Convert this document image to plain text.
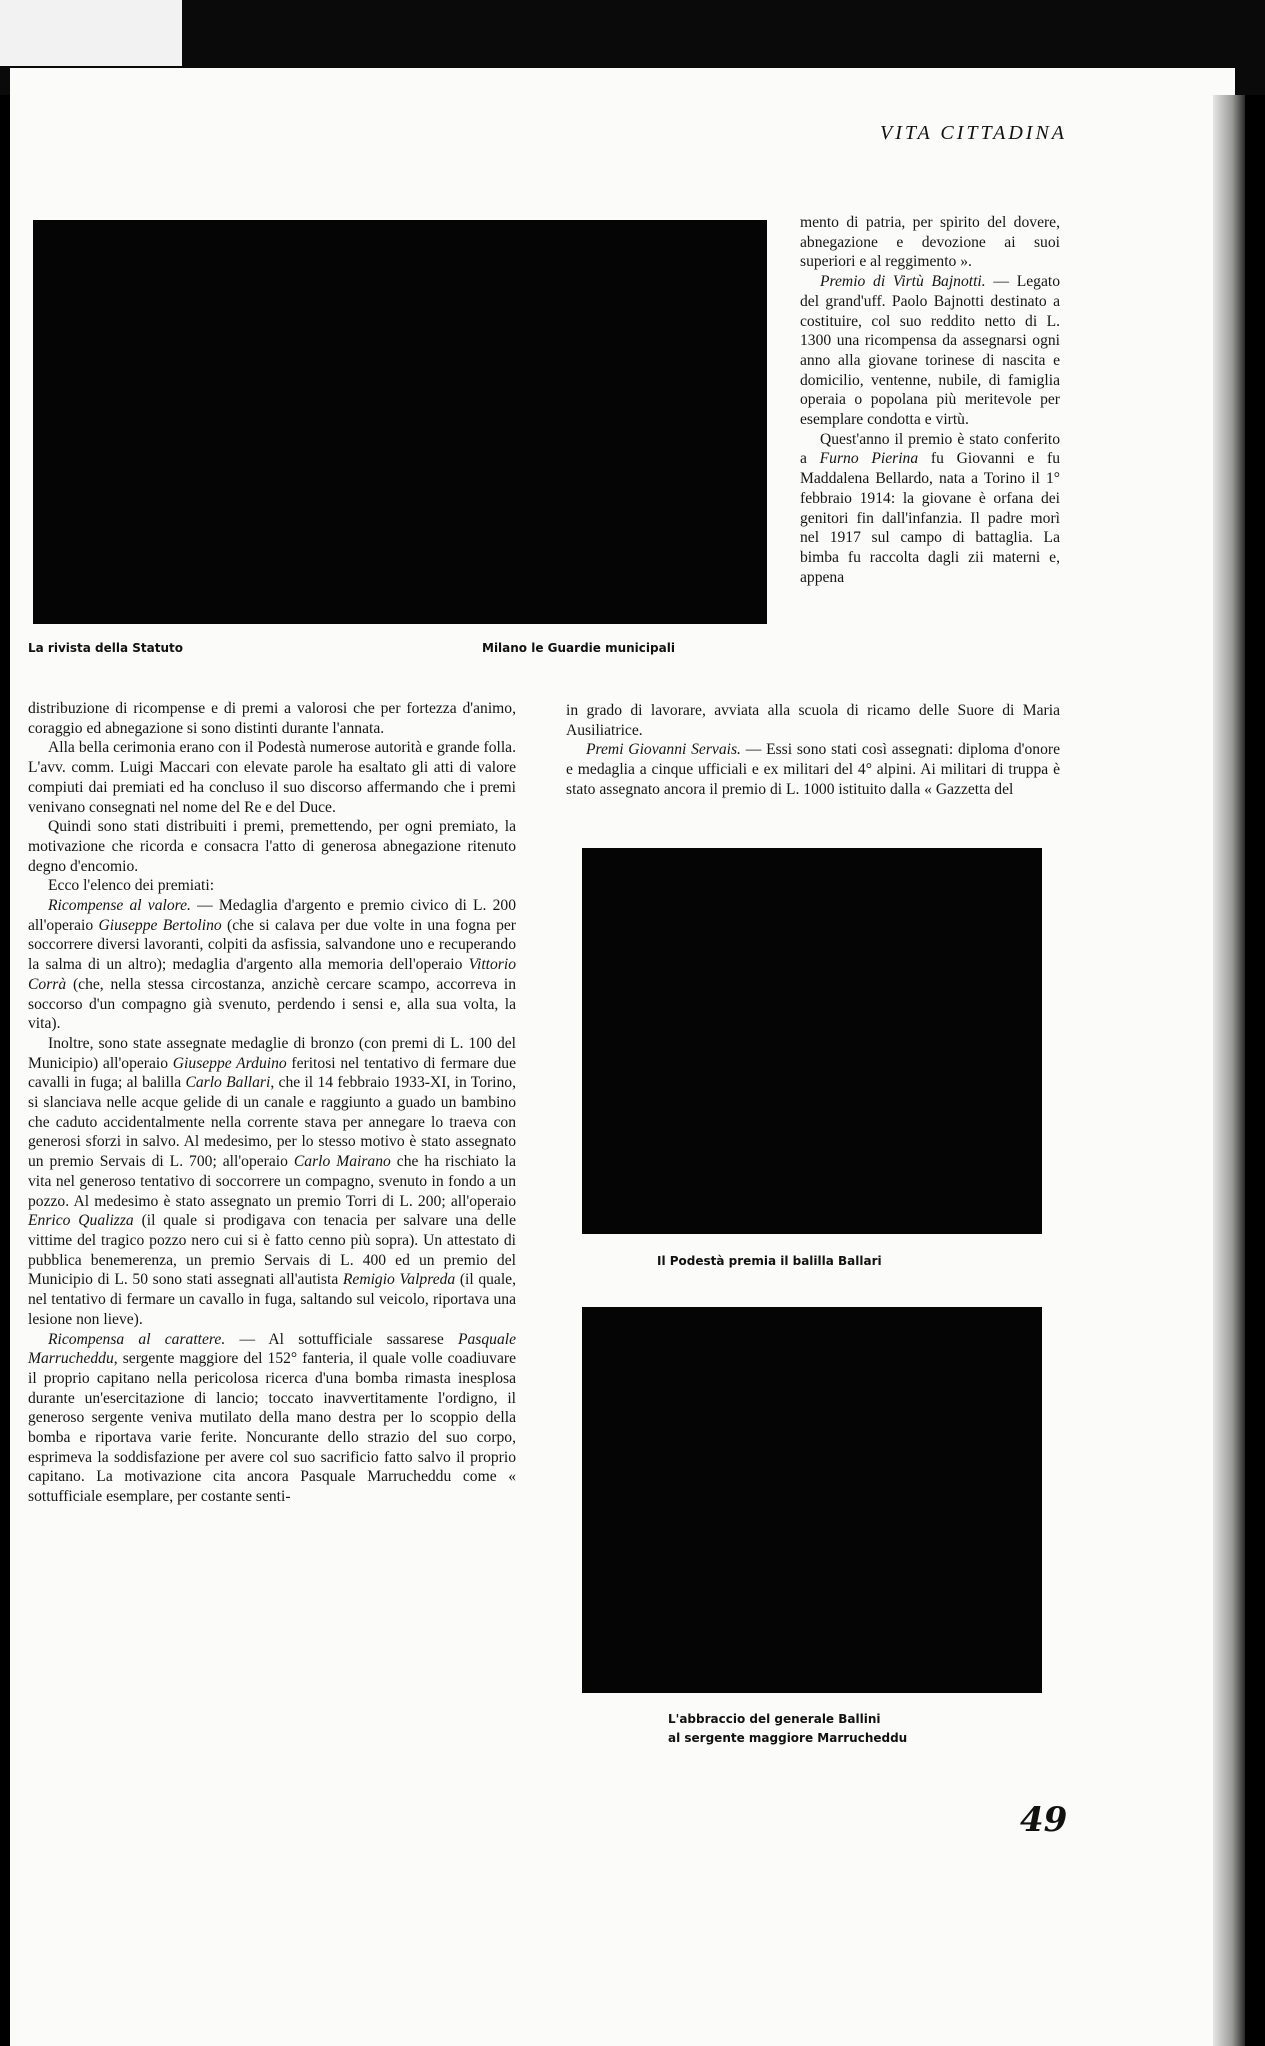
VITA CITTADINA
La rivista della Statuto	Milano le Guardie municipali

mento di patria, per spirito del dovere, abnegazione e devozione ai suoi superiori e al reggimento ».

Premio di Virtù Bajnotti. — Legato del grand'uff. Paolo Bajnotti destinato a costituire, col suo reddito netto di L. 1300 una ricompensa da assegnarsi ogni anno alla giovane torinese di nascita e domicilio, ventenne, nubile, di famiglia operaia o popolana più meritevole per esemplare condotta e virtù.

Quest'anno il premio è stato conferito a Furno Pierina fu Giovanni e fu Maddalena Bellardo, nata a Torino il 1° febbraio 1914: la giovane è orfana dei genitori fin dall'infanzia. Il padre morì nel 1917 sul campo di battaglia. La bimba fu raccolta dagli zii materni e, appena

in grado di lavorare, avviata alla scuola di ricamo delle Suore di Maria Ausiliatrice.

Premi Giovanni Servais. — Essi sono stati così assegnati: diploma d'onore e medaglia a cinque ufficiali e ex militari del 4° alpini. Ai militari di truppa è stato assegnato ancora il premio di L. 1000 istituito dalla « Gazzetta del

distribuzione di ricompense e di premi a valorosi che per fortezza d'animo, coraggio ed abnegazione si sono distinti durante l'annata.

Alla bella cerimonia erano con il Podestà numerose autorità e grande folla. L'avv. comm. Luigi Maccari con elevate parole ha esaltato gli atti di valore compiuti dai premiati ed ha concluso il suo discorso affermando che i premi venivano consegnati nel nome del Re e del Duce.

Quindi sono stati distribuiti i premi, premettendo, per ogni premiato, la motivazione che ricorda e consacra l'atto di generosa abnegazione ritenuto degno d'encomio.

Ecco l'elenco dei premiati:

Ricompense al valore. — Medaglia d'argento e premio civico di L. 200 all'operaio Giuseppe Bertolino (che si calava per due volte in una fogna per soccorrere diversi lavoranti, colpiti da asfissia, salvandone uno e recuperando la salma di un altro); medaglia d'argento alla memoria dell'operaio Vittorio Corrà (che, nella stessa circostanza, anzichè cercare scampo, accorreva in soccorso d'un compagno già svenuto, perdendo i sensi e, alla sua volta, la vita).

Inoltre, sono state assegnate medaglie di bronzo (con premi di L. 100 del Municipio) all'operaio Giuseppe Arduino feritosi nel tentativo di fermare due cavalli in fuga; al balilla Carlo Ballari, che il 14 febbraio 1933-XI, in Torino, si slanciava nelle acque gelide di un canale e raggiunto a guado un bambino che caduto accidentalmente nella corrente stava per annegare lo traeva con generosi sforzi in salvo. Al medesimo, per lo stesso motivo è stato assegnato un premio Servais di L. 700; all'operaio Carlo Mairano che ha rischiato la vita nel generoso tentativo di soccorrere un compagno, svenuto in fondo a un pozzo. Al medesimo è stato assegnato un premio Torri di L. 200; all'operaio Enrico Qualizza (il quale si prodigava con tenacia per salvare una delle vittime del tragico pozzo nero cui si è fatto cenno più sopra). Un attestato di pubblica benemerenza, un premio Servais di L. 400 ed un premio del Municipio di L. 50 sono stati assegnati all'autista Remigio Valpreda (il quale, nel tentativo di fermare un cavallo in fuga, saltando sul veicolo, riportava una lesione non lieve).

Ricompensa al carattere. — Al sottufficiale sassarese Pasquale Marrucheddu, sergente maggiore del 152° fanteria, il quale volle coadiuvare il proprio capitano nella pericolosa ricerca d'una bomba rimasta inesplosa durante un'esercitazione di lancio; toccato inavvertitamente l'ordigno, il generoso sergente veniva mutilato della mano destra per lo scoppio della bomba e riportava varie ferite. Noncurante dello strazio del suo corpo, esprimeva la soddisfazione per avere col suo sacrificio fatto salvo il proprio capitano. La motivazione cita ancora Pasquale Marrucheddu come « sottufficiale esemplare, per costante senti-

Il Podestà premia il balilla Ballari
L'abbraccio del generale Ballini
al sergente maggiore Marrucheddu
49
